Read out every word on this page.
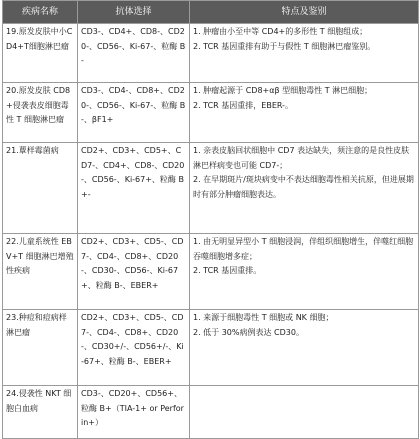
疾病名称	抗体选择	特点及鉴别
19.原发皮肤中小CD4+T细胞淋巴瘤	CD3-、CD4+、CD8-、CD20-、CD56-、Ki-67-、粒酶 B-	1. 肿瘤由小至中等 CD4+的多形性 T 细胞组成；
2. TCR 基因重排有助于与假性 T 细胞淋巴瘤鉴别。

20.原发皮肤 CD8+侵袭表皮细胞毒性 T 细胞淋巴瘤	CD3-、CD4-、CD8+、CD20-、CD56-、Ki-67-、粒酶 B-、βF1+	1. 肿瘤起源于 CD8+αβ 型细胞毒性 T 淋巴细胞；
2. TCR 基因重排，EBER-。

21.蕈样霉菌病	CD2+、CD3+、CD5+、CD7-、CD4+、CD8-、CD20-、CD56-、Ki-67+、粒酶 B+-	1. 亲表皮脑回状细胞中 CD7 表达缺失，须注意的是良性皮肤淋巴样病变也可能 CD7-；
2. 在早期斑片/斑块病变中不表达细胞毒性相关抗原，但进展期时有部分肿瘤细胞表达。

22.儿童系统性 EBV+T 细胞淋巴增殖性疾病	CD2+、CD3+、CD5-、CD7-、CD4-、CD8+、CD20-、CD30-、CD56-、Ki-67+、粒酶 B-、EBER+	1. 由无明显异型小 T 细胞浸润，伴组织细胞增生，伴噬红细胞吞噬细胞增多症；
2. TCR 基因重排。

23.种痘和痘病样淋巴瘤	CD2+、CD3+、CD5-、CD7-、CD4-、CD8+、CD20-、CD30+/-、CD56+/-、Ki-67+、粒酶 B-、EBER+	1. 来源于细胞毒性 T 细胞或 NK 细胞；
2. 低于 30%病例表达 CD30。

24.侵袭性 NKT 细胞白血病	CD3-、CD20+、CD56+、粒酶 B+（TIA-1+ or Perforin+）	
